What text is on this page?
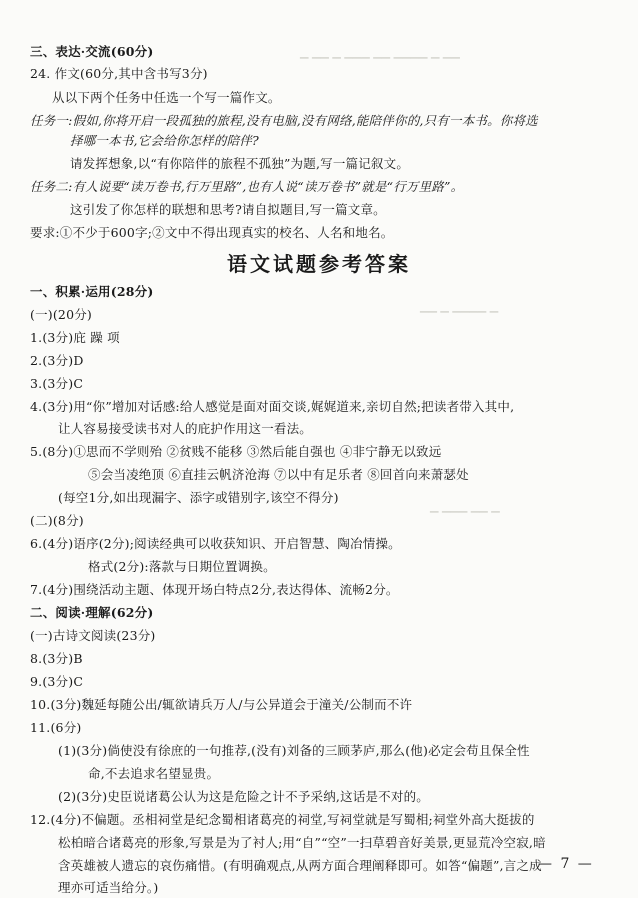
▁ ▁▁ ▁ ▁▁▁ ▁▁ ▁▁▁▁ ▁ ▁▁
▁▁ ▁ ▁▁▁▁ ▁
▁ ▁▁▁ ▁▁ ▁
三、表达·交流(60分)
24. 作文(60分,其中含书写3分)
从以下两个任务中任选一个写一篇作文。
任务一:假如,你将开启一段孤独的旅程,没有电脑,没有网络,能陪伴你的,只有一本书。你将选
择哪一本书,它会给你怎样的陪伴?
请发挥想象,以“有你陪伴的旅程不孤独”为题,写一篇记叙文。
任务二:有人说要“读万卷书,行万里路”,也有人说“读万卷书”就是“行万里路”。
这引发了你怎样的联想和思考?请自拟题目,写一篇文章。
要求:①不少于600字;②文中不得出现真实的校名、人名和地名。
语文试题参考答案
一、积累·运用(28分)
(一)(20分)
1.(3分)庇 躁 项
2.(3分)D
3.(3分)C
4.(3分)用“你”增加对话感:给人感觉是面对面交谈,娓娓道来,亲切自然;把读者带入其中,
让人容易接受读书对人的庇护作用这一看法。
5.(8分)①思而不学则殆 ②贫贱不能移 ③然后能自强也 ④非宁静无以致远
⑤会当凌绝顶 ⑥直挂云帆济沧海 ⑦以中有足乐者 ⑧回首向来萧瑟处
(每空1分,如出现漏字、添字或错别字,该空不得分)
(二)(8分)
6.(4分)语序(2分);阅读经典可以收获知识、开启智慧、陶冶情操。
格式(2分):落款与日期位置调换。
7.(4分)围绕活动主题、体现开场白特点2分,表达得体、流畅2分。
二、阅读·理解(62分)
(一)古诗文阅读(23分)
8.(3分)B
9.(3分)C
10.(3分)魏延每随公出/辄欲请兵万人/与公异道会于潼关/公制而不许
11.(6分)
(1)(3分)倘使没有徐庶的一句推荐,(没有)刘备的三顾茅庐,那么(他)必定会苟且保全性
命,不去追求名望显贵。
(2)(3分)史臣说诸葛公认为这是危险之计不予采纳,这话是不对的。
12.(4分)不偏题。丞相祠堂是纪念蜀相诸葛亮的祠堂,写祠堂就是写蜀相;祠堂外高大挺拔的
松柏暗合诸葛亮的形象,写景是为了衬人;用“自”“空”一扫草碧音好美景,更显荒冷空寂,暗
含英雄被人遗忘的哀伤痛惜。(有明确观点,从两方面合理阐释即可。如答“偏题”,言之成
理亦可适当给分。)
— 7 —
